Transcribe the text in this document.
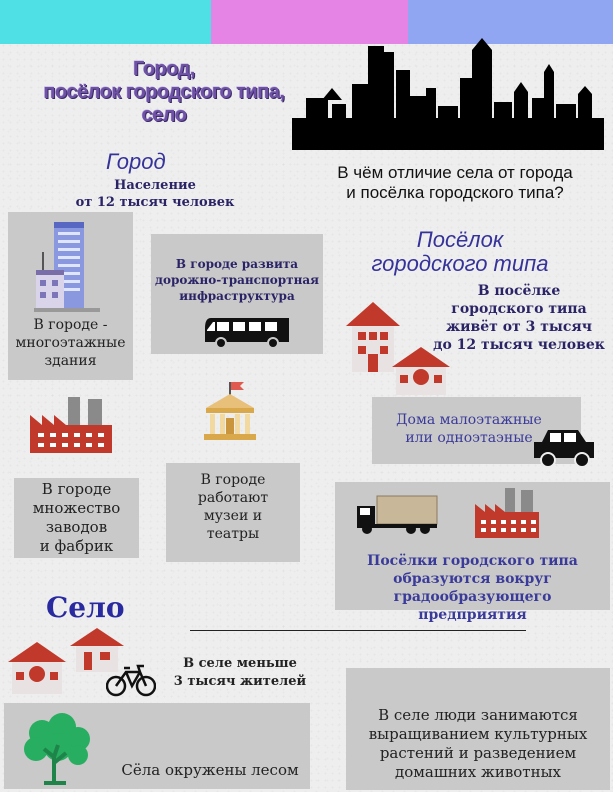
Город,
посёлок городского типа,
село
В чём отличие села от города
и посёлка городского типа?
Город
Население
от 12 тысяч человек
В городе -
многоэтажные
здания
В городе развита
дорожно-транспортная
инфраструктура
В городе
множество
заводов
и фабрик
В городе
работают
музеи и
театры
Посёлок
городского типа
В посёлке
городского типа
живёт от 3 тысяч
до 12 тысяч человек
Дома малоэтажные
или одноэтаэные
Посёлки городского типа
образуются вокруг
градообразующего предприятия
Село
В селе меньше
3 тысяч жителей
Сёла окружены лесом
В селе люди занимаются
выращиванием культурных
растений и разведением
домашних животных
